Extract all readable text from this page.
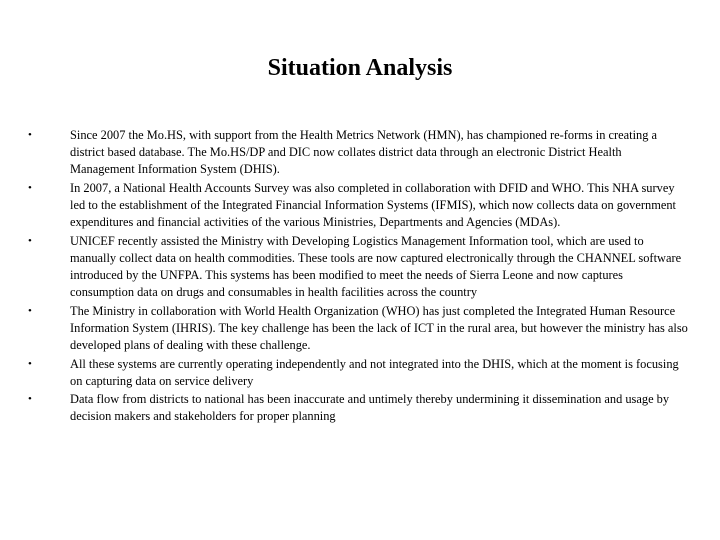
Situation Analysis
•	Since 2007 the Mo.HS, with support from the Health Metrics Network (HMN), has championed re-forms in creating a district based database. The Mo.HS/DP and DIC now collates district data through an electronic District Health Management Information System (DHIS).
•	In 2007, a National Health Accounts Survey was also completed in collaboration with DFID and WHO. This NHA survey led to the establishment of the Integrated Financial Information Systems (IFMIS), which now collects data on government expenditures and financial activities of the various Ministries, Departments and Agencies (MDAs).
•	UNICEF recently assisted the Ministry with Developing Logistics Management Information tool, which are used to manually collect data on health commodities. These tools are now captured electronically through the CHANNEL software introduced by the UNFPA. This systems has been modified to meet the needs of Sierra Leone and now captures consumption data on drugs and consumables in health facilities across the country
•	The Ministry in collaboration with World Health Organization (WHO) has just completed the Integrated Human Resource Information System (IHRIS). The key challenge has been the lack of ICT in the rural area, but however the ministry has also developed plans of dealing with these challenge.
•	All these systems are currently operating independently and not integrated into the DHIS, which at the moment is focusing on capturing data on service delivery
•	Data flow from districts to national has been inaccurate and untimely thereby undermining it dissemination and usage by decision makers and stakeholders for proper planning
